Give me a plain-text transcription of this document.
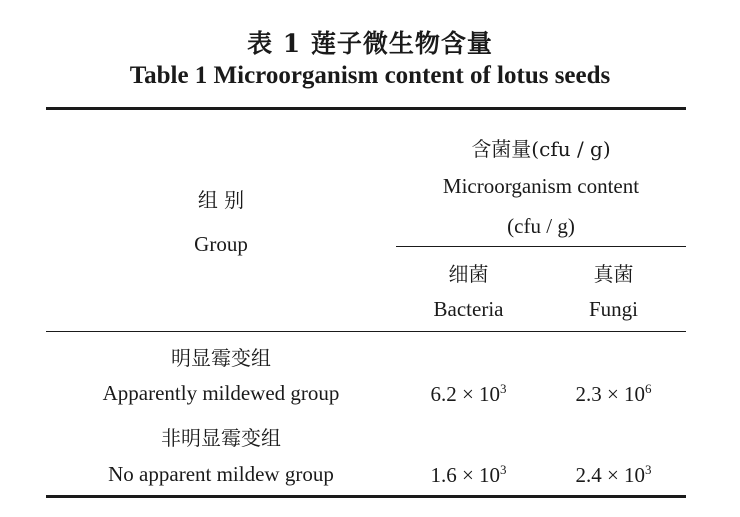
表 1 莲子微生物含量
Table 1 Microorganism content of lotus seeds
含菌量(cfu / g)
Microorganism content
(cfu / g)
组 别
Group
细菌	真菌
Bacteria	Fungi
明显霉变组
Apparently mildewed group	$6.2 \times 10^3$	$2.3 \times 10^6$
非明显霉变组
No apparent mildew group	$1.6 \times 10^3$	$2.4 \times 10^3$
